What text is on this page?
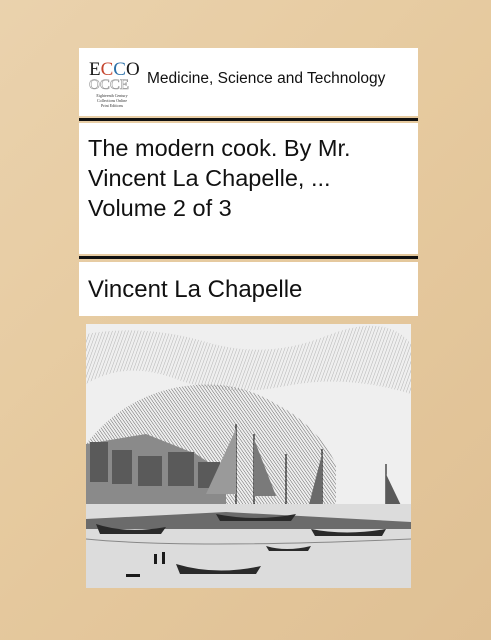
ECCO
OCCE
Eighteenth Century
Collections Online
Print Editions
Medicine, Science and Technology
The modern cook. By Mr. Vincent La Chapelle, ... Volume 2 of 3
Vincent La Chapelle
